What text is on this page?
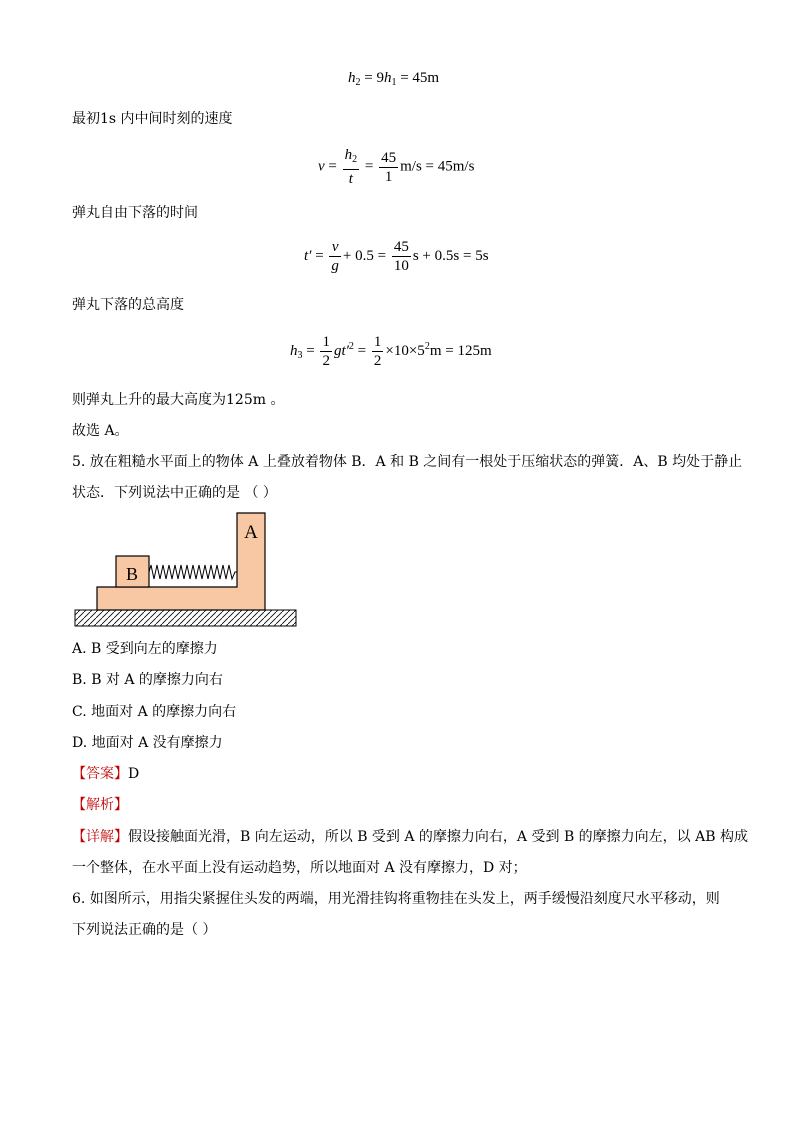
$h_2 = 9h_1 = 45m$
最初1s 内中间时刻的速度
$v = \frac{h_2}{t} = \frac{45}{1} m/s = 45m/s$
弹丸自由下落的时间
$t' = \frac{v}{g} + 0.5 = \frac{45}{10}$ s + 0.5s = 5s
弹丸下落的总高度
$h_3 = \frac{1}{2} gt'^2 = \frac{1}{2} \times 10\times 5^2m = 125m$
则弹丸上升的最大高度为125m 。
故选 A。
5. 放在粗糙水平面上的物体 A 上叠放着物体 B．A 和 B 之间有一根处于压缩状态的弹簧．A、B 均处于静止
状态．下列说法中正确的是 （ ）
A
B
A. B 受到向左的摩擦力
B. B 对 A 的摩擦力向右
C. 地面对 A 的摩擦力向右
D. 地面对 A 没有摩擦力
【答案】D
【解析】
【详解】假设接触面光滑，B 向左运动，所以 B 受到 A 的摩擦力向右，A 受到 B 的摩擦力向左，以 AB 构成
一个整体，在水平面上没有运动趋势，所以地面对 A 没有摩擦力，D 对；
6. 如图所示，用指尖紧握住头发的两端，用光滑挂钩将重物挂在头发上，两手缓慢沿刻度尺水平移动，则
下列说法正确的是（ ）
